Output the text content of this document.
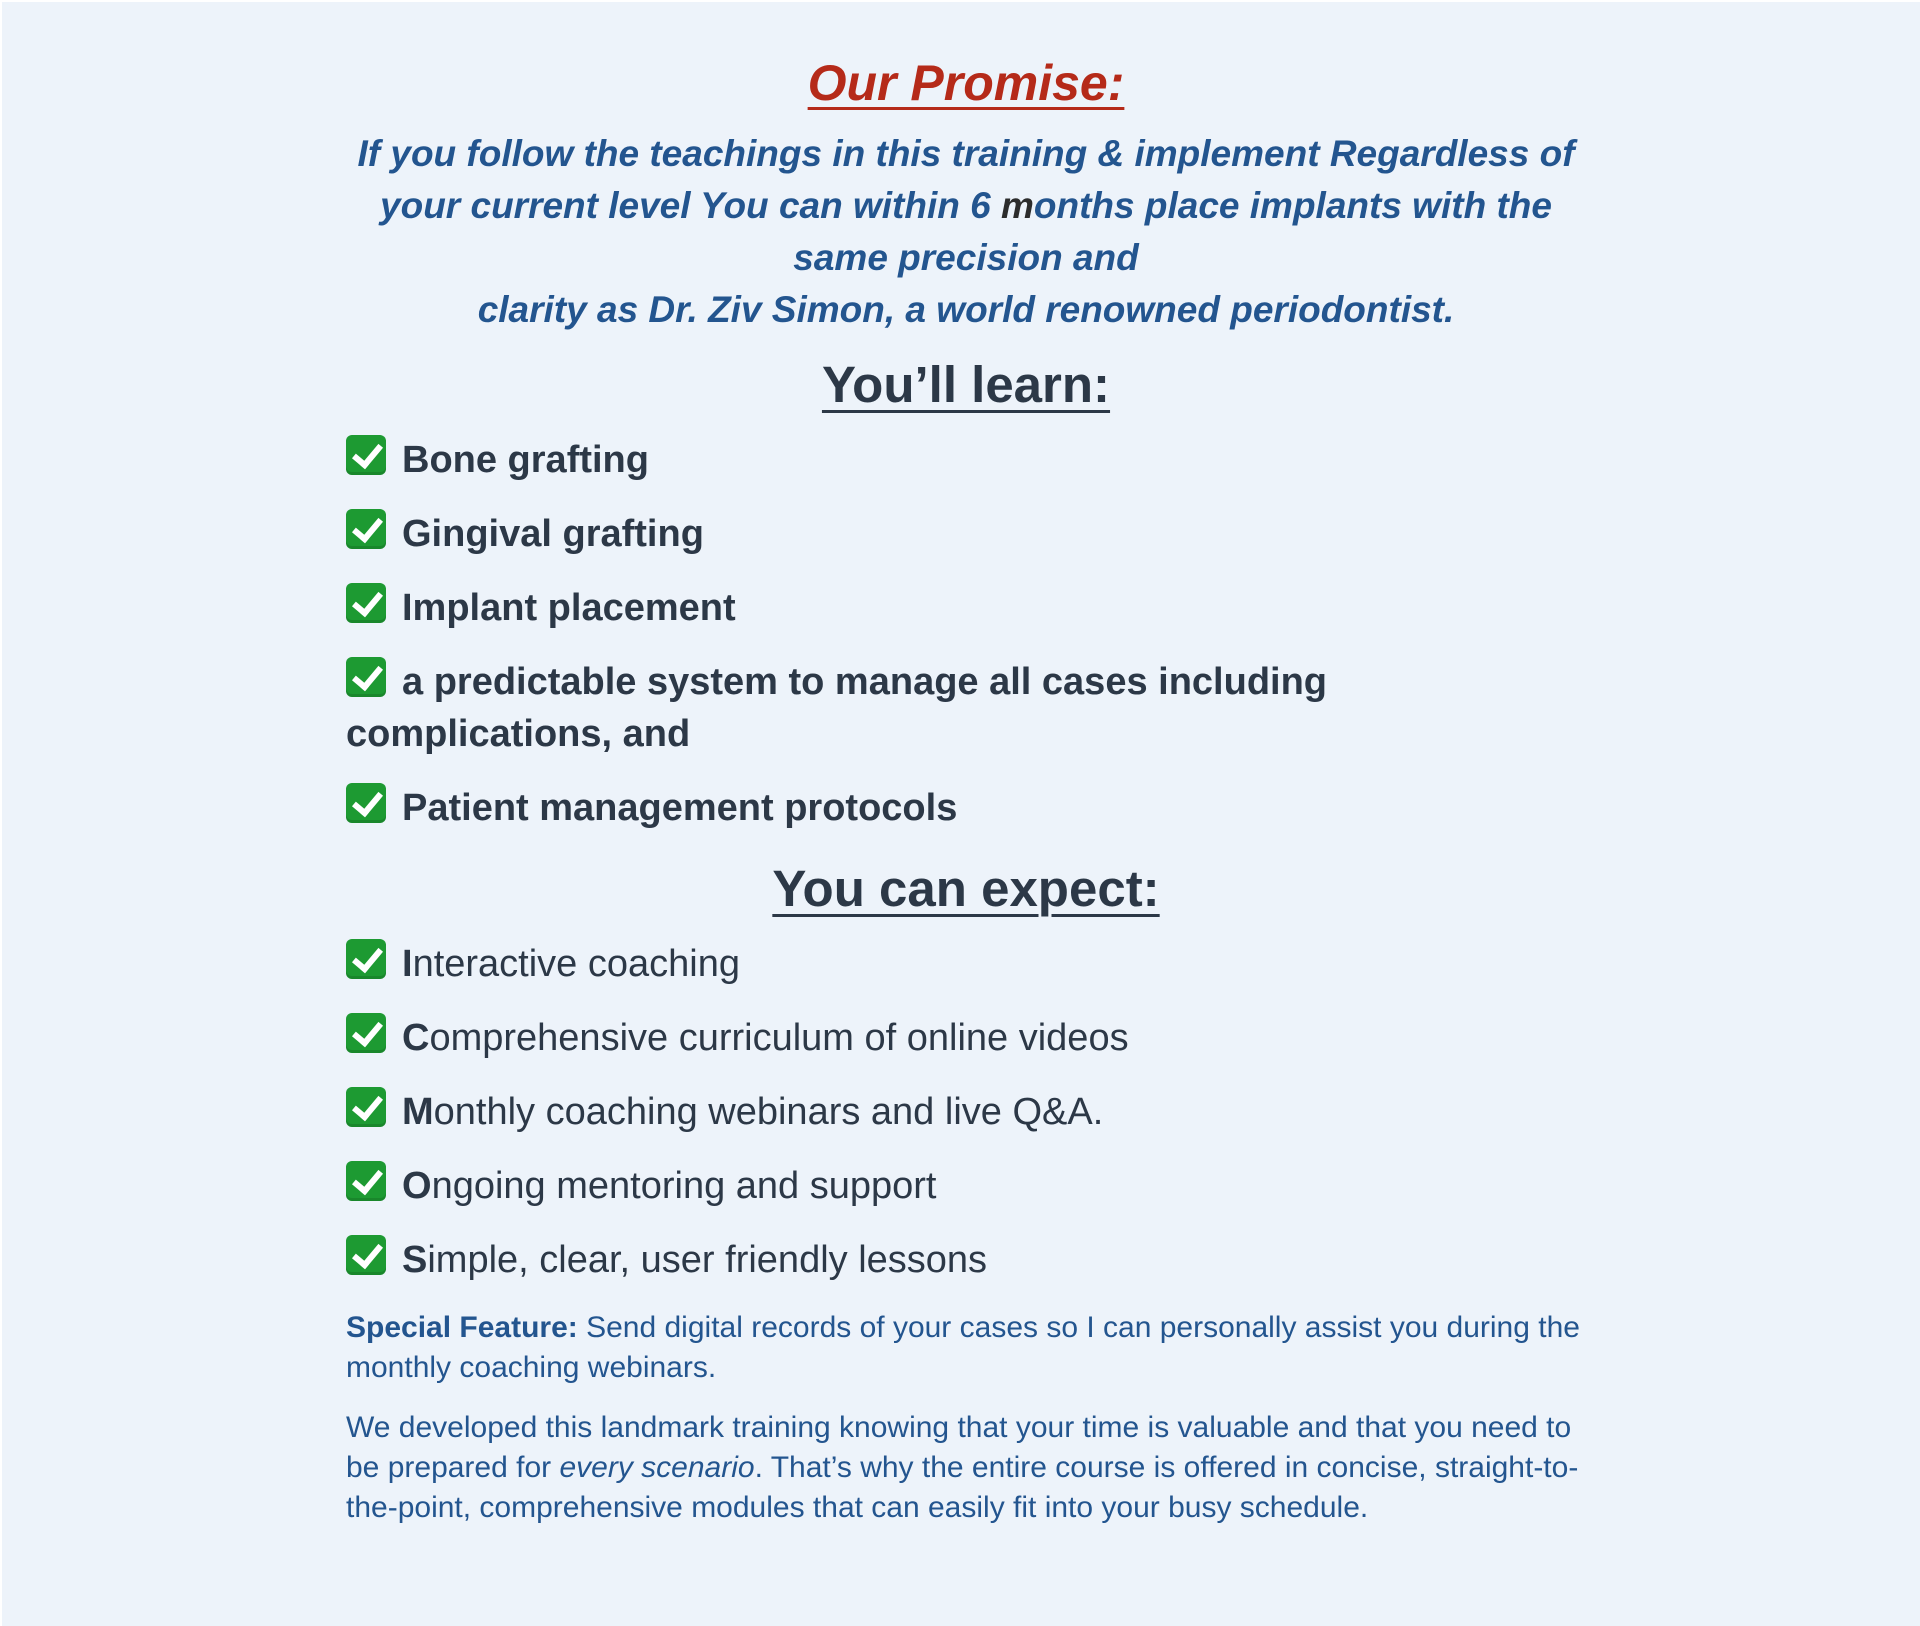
Our Promise:

If you follow the teachings in this training & implement Regardless of
your current level You can within 6 months place implants with the
same precision and
clarity as Dr. Ziv Simon, a world renowned periodontist.

You’ll learn:
Bone grafting
Gingival grafting
Implant placement
a predictable system to manage all cases including
complications, and
Patient management protocols
You can expect:
Interactive coaching
Comprehensive curriculum of online videos
Monthly coaching webinars and live Q&A.
Ongoing mentoring and support
Simple, clear, user friendly lessons

Special Feature: Send digital records of your cases so I can personally assist you during the monthly coaching webinars.

We developed this landmark training knowing that your time is valuable and that you need to be prepared for every scenario. That’s why the entire course is offered in concise, straight-to-the-point, comprehensive modules that can easily fit into your busy schedule.
